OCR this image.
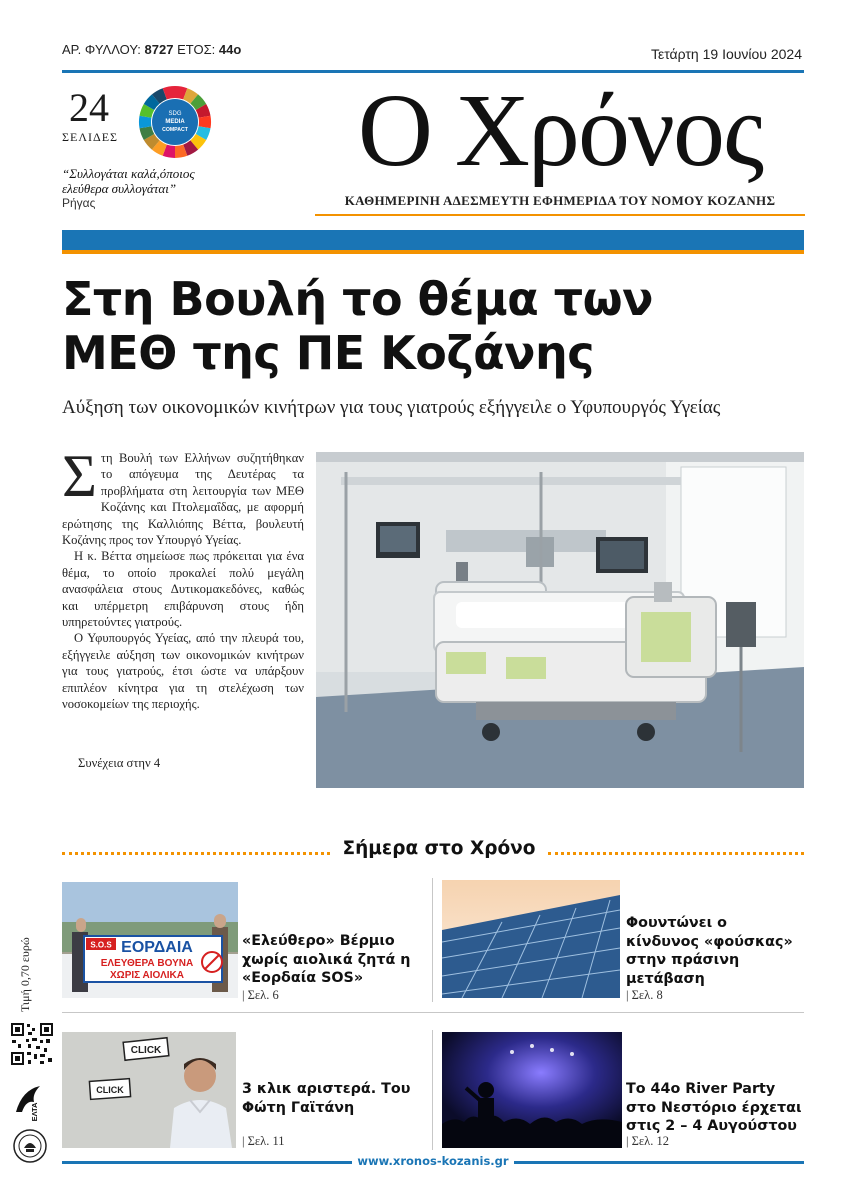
ΑΡ. ΦΥΛΛΟΥ: 8727 ΕΤΟΣ: 44ο	Τετάρτη 19 Ιουνίου 2024
24
ΣΕΛΙΔΕΣ
SDG
MEDIA
COMPACT
“Συλλογάται καλά,όποιος
ελεύθερα συλλογάται”
Ρήγας
Ο Χρόνος
ΚΑΘΗΜΕΡΙΝΗ ΑΔΕΣΜΕΥΤΗ ΕΦΗΜΕΡΙΔΑ ΤΟΥ ΝΟΜΟΥ ΚΟΖΑΝΗΣ
Στη Βουλή το θέμα των
ΜΕΘ της ΠΕ Κοζάνης
Αύξηση των οικονομικών κινήτρων για τους γιατρούς εξήγγειλε ο Υφυπουργός Υγείας

Στη Βουλή των Ελλήνων συζητήθηκαν το απόγευμα της Δευτέρας τα προβλήματα στη λειτουργία των ΜΕΘ Κοζάνης και Πτολεμαΐδας, με αφορμή ερώτησης της Καλλιόπης Βέττα, βουλευτή Κοζάνης προς τον Υπουργό Υγείας.

Η κ. Βέττα σημείωσε πως πρόκειται για ένα θέμα, το οποίο προκαλεί πολύ μεγάλη ανασφάλεια στους Δυτικομακεδόνες, καθώς και υπέρμετρη επιβάρυνση στους ήδη υπηρετούντες γιατρούς.

Ο Υφυπουργός Υγείας, από την πλευρά του, εξήγγειλε αύξηση των οικονομικών κινήτρων για τους γιατρούς, έτσι ώστε να υπάρξουν επιπλέον κίνητρα για τη στελέχωση των νοσοκομείων της περιοχής.

Συνέχεια στην 4
Σήμερα στο Χρόνο
S.O.S ΕΟΡΔΑΙΑ
ΕΛΕΥΘΕΡΑ ΒΟΥΝΑ
ΧΩΡΙΣ ΑΙΟΛΙΚΑ
«Ελεύθερο» Βέρμιο χωρίς αιολικά ζητά η «Εορδαία SOS»
| Σελ. 6
Φουντώνει ο κίνδυνος «φούσκας» στην πράσινη μετάβαση
| Σελ. 8
CLICK
CLICK	3 κλικ αριστερά. Του Φώτη Γαϊτάνη
| Σελ. 11
Το 44ο River Party στο Νεστόριο έρχεται στις 2 – 4 Αυγούστου
| Σελ. 12
Τιμή 0,70 ευρώ
ΕΛΤΑ
www.xronos-kozanis.gr
